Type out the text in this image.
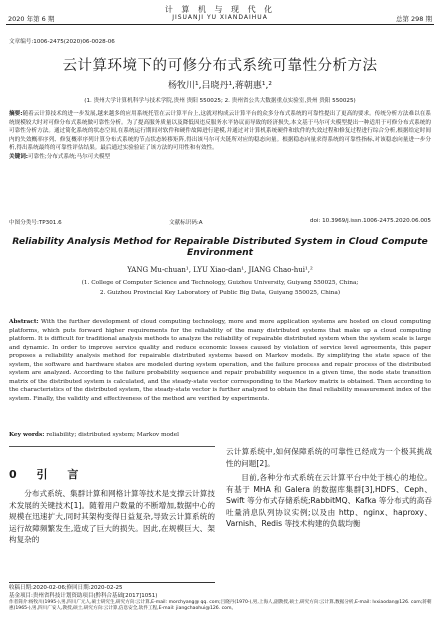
计 算 机 与 现 代 化
JISUANJI YU XIANDAIHUA
2020 年第 6 期	总第 298 期
文章编号:1006-2475(2020)06-0028-06
云计算环境下的可修分布式系统可靠性分析方法
杨牧川¹,吕晓丹¹,蒋朝惠¹,²
(1. 贵州大学计算机科学与技术学院,贵州 贵阳 550025; 2. 贵州省公共大数据重点实验室,贵州 贵阳 550025)
摘要:随着云计算技术的进一步发展,越来越多的应用系统托管在云计算平台上,这就对构成云计算平台的众多分布式系统的可靠性提出了更高的要求。传统分析方法难以在系统规模较大时对可修分布式系统做可靠性分析。为了提高服务质量以及降低因违反服务水平协议而导致的经济损失,本文基于马尔可夫模型提出一种适用于可修分布式系统的可靠性分析方法。通过简化系统的状态空间,在系统运行期间对软件和硬件故障进行建模,并通过对计算机系统硬件和软件的失效过程和修复过程进行综合分析,根据给定时间内的失效概率序列、修复概率序列计算分布式系统的节点状态转移矩阵,得出该马尔可夫链所对应的稳态向量。根据稳态向量求得系统的可靠性指标,对该稳态向量进一步分析,得出系统最终的可靠性评估结果。最后通过实验验证了该方法的可用性和有效性。
关键词:可靠性;分布式系统;马尔可夫模型
中图分类号:TP301.6	文献标识码:A	doi: 10.3969/j.issn.1006-2475.2020.06.005
Reliability Analysis Method for Repairable Distributed System in Cloud Compute Environment
YANG Mu-chuan¹, LYU Xiao-dan¹, JIANG Chao-hui¹,²
(1. College of Computer Science and Technology, Guizhou University, Guiyang 550025, China;
2. Guizhou Provincial Key Laboratory of Public Big Data, Guiyang 550025, China)
Abstract: With the further development of cloud computing technology, more and more application systems are hosted on cloud computing platforms, which puts forward higher requirements for the reliability of the many distributed systems that make up a cloud computing platform. It is difficult for traditional analysis methods to analyze the reliability of repairable distributed system when the system scale is large and dynamic. In order to improve service quality and reduce economic losses caused by violation of service level agreements, this paper proposes a reliability analysis method for repairable distributed systems based on Markov models. By simplifying the state space of the system, the software and hardware states are modeled during system operation, and the failure process and repair process of the distributed system are analyzed. According to the failure probability sequence and repair probability sequence in a given time, the node state transition matrix of the distributed system is calculated, and the steady-state vector corresponding to the Markov matrix is obtained. Then according to the characteristics of the distributed system, the steady-state vector is further analyzed to obtain the final reliability measurement index of the system. Finally, the validity and effectiveness of the method are verified by experiments.
Key words: reliability; distributed system; Markov model
0 引 言
分布式系统、集群计算和网格计算等技术是支撑云计算技术发展的关键技术[1]。随着用户数量的不断增加,数据中心的规模在迅速扩大,同时其架构变得日益复杂,导致云计算系统的运行故障频繁发生,造成了巨大的损失。因此,在规模巨大、架构复杂的
云计算系统中,如何保障系统的可靠性已经成为一个极其挑战性的问题[2]。
目前,各种分布式系统在云计算平台中处于核心的地位。有基于 MHA 和 Galera 的数据库集群[3],HDFS、Ceph、Swift 等分布式存储系统;RabbitMQ、Kafka 等分布式的高吞吐量消息队列协议实例;以及由 http、nginx、haproxy、Varnish、Redis 等技术构建的负载均衡
收稿日期:2020-02-06;修回日期:2020-02-25
基金项目:贵州省科技计划资助项目(黔科合基础[2017]1051)
作者简介:杨牧川(1995-),男,四川广元人,硕士研究生,研究方向:云计算,E-mail: morchyang@ qq. com;吕晓丹(1970-),男,上海人,副教授,硕士,研究方向:云计算,数据分析,E-mail: lvxiaodan@126. com;蒋朝惠(1965-),男,四川广安人,教授,硕士,研究方向:云计算,信息安全,软件工程,E-mail: jiangchaohui@126. com。
